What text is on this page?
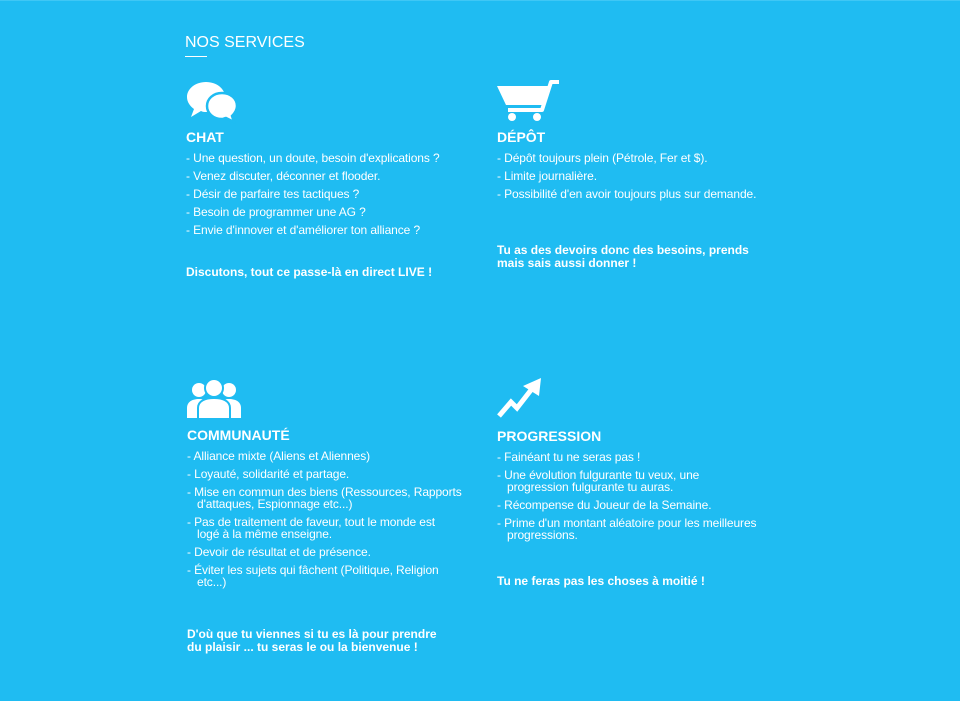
NOS SERVICES
CHAT
- Une question, un doute, besoin d'explications ?
- Venez discuter, déconner et flooder.
- Désir de parfaire tes tactiques ?
- Besoin de programmer une AG ?
- Envie d'innover et d'améliorer ton alliance ?
Discutons, tout ce passe-là en direct LIVE !
DÉPÔT
- Dépôt toujours plein (Pétrole, Fer et $).
- Limite journalière.
- Possibilité d'en avoir toujours plus sur demande.
Tu as des devoirs donc des besoins, prends mais sais aussi donner !
COMMUNAUTÉ
- Alliance mixte (Aliens et Aliennes)
- Loyauté, solidarité et partage.
- Mise en commun des biens (Ressources, Rapports d'attaques, Espionnage etc...)
- Pas de traitement de faveur, tout le monde est logé à la même enseigne.
- Devoir de résultat et de présence.
- Éviter les sujets qui fâchent (Politique, Religion etc...)
D'où que tu viennes si tu es là pour prendre du plaisir ... tu seras le ou la bienvenue !
PROGRESSION
- Fainéant tu ne seras pas !
- Une évolution fulgurante tu veux, une progression fulgurante tu auras.
- Récompense du Joueur de la Semaine.
- Prime d'un montant aléatoire pour les meilleures progressions.
Tu ne feras pas les choses à moitié !
